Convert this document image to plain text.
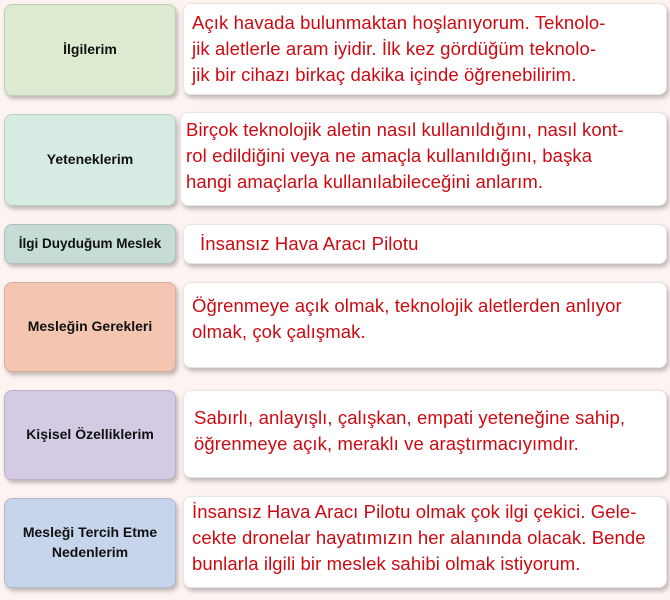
İlgilerim
Açık havada bulunmaktan hoşlanıyorum. Teknolo-
jik aletlerle aram iyidir. İlk kez gördüğüm teknolo-
jik bir cihazı birkaç dakika içinde öğrenebilirim.
Yeteneklerim
Birçok teknolojik aletin nasıl kullanıldığını, nasıl kont-
rol edildiğini veya ne amaçla kullanıldığını, başka
hangi amaçlarla kullanılabileceğini anlarım.
İlgi Duyduğum Meslek İnsansız Hava Aracı Pilotu
Mesleğin Gerekleri
Öğrenmeye açık olmak, teknolojik aletlerden anlıyor
olmak, çok çalışmak.
Kişisel Özelliklerim
Sabırlı, anlayışlı, çalışkan, empati yeteneğine sahip,
öğrenmeye açık, meraklı ve araştırmacıyımdır.
Mesleği Tercih Etme
Nedenlerim
İnsansız Hava Aracı Pilotu olmak çok ilgi çekici. Gele-
cekte dronelar hayatımızın her alanında olacak. Bende
bunlarla ilgili bir meslek sahibi olmak istiyorum.
